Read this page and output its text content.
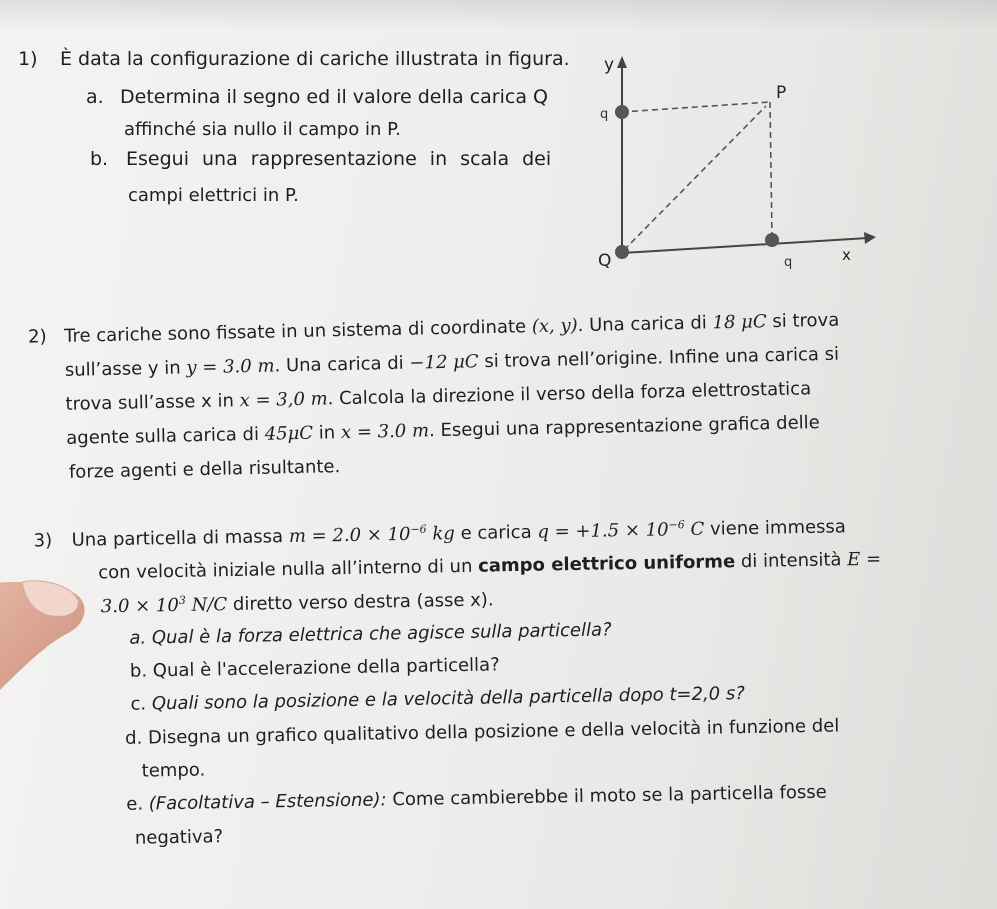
1) È data la configurazione di cariche illustrata in figura.
a. Determina il segno ed il valore della carica Q
affinché sia nullo il campo in P.
b. Esegui una rappresentazione in scala dei
campi elettrici in P.
y
x
P
Q
q
q
2) Tre cariche sono fissate in un sistema di coordinate (x, y). Una carica di 18 μC si trova
sull’asse y in y = 3.0 m. Una carica di −12 μC si trova nell’origine. Infine una carica si
trova sull’asse x in x = 3,0 m. Calcola la direzione il verso della forza elettrostatica
agente sulla carica di 45μC in x = 3.0 m. Esegui una rappresentazione grafica delle
forze agenti e della risultante.
3) Una particella di massa $m = 2.0 \times 10^{-6}$ kg e carica $q = +1.5 \times 10^{-6}$ C viene immessa
con velocità iniziale nulla all’interno di un campo elettrico uniforme di intensità E =
$3.0 \times 10^3$ N/C diretto verso destra (asse x).
a. Qual è la forza elettrica che agisce sulla particella?
b. Qual è l'accelerazione della particella?
c. Quali sono la posizione e la velocità della particella dopo t=2,0 s?
d. Disegna un grafico qualitativo della posizione e della velocità in funzione del
tempo.
e. (Facoltativa – Estensione): Come cambierebbe il moto se la particella fosse
negativa?
